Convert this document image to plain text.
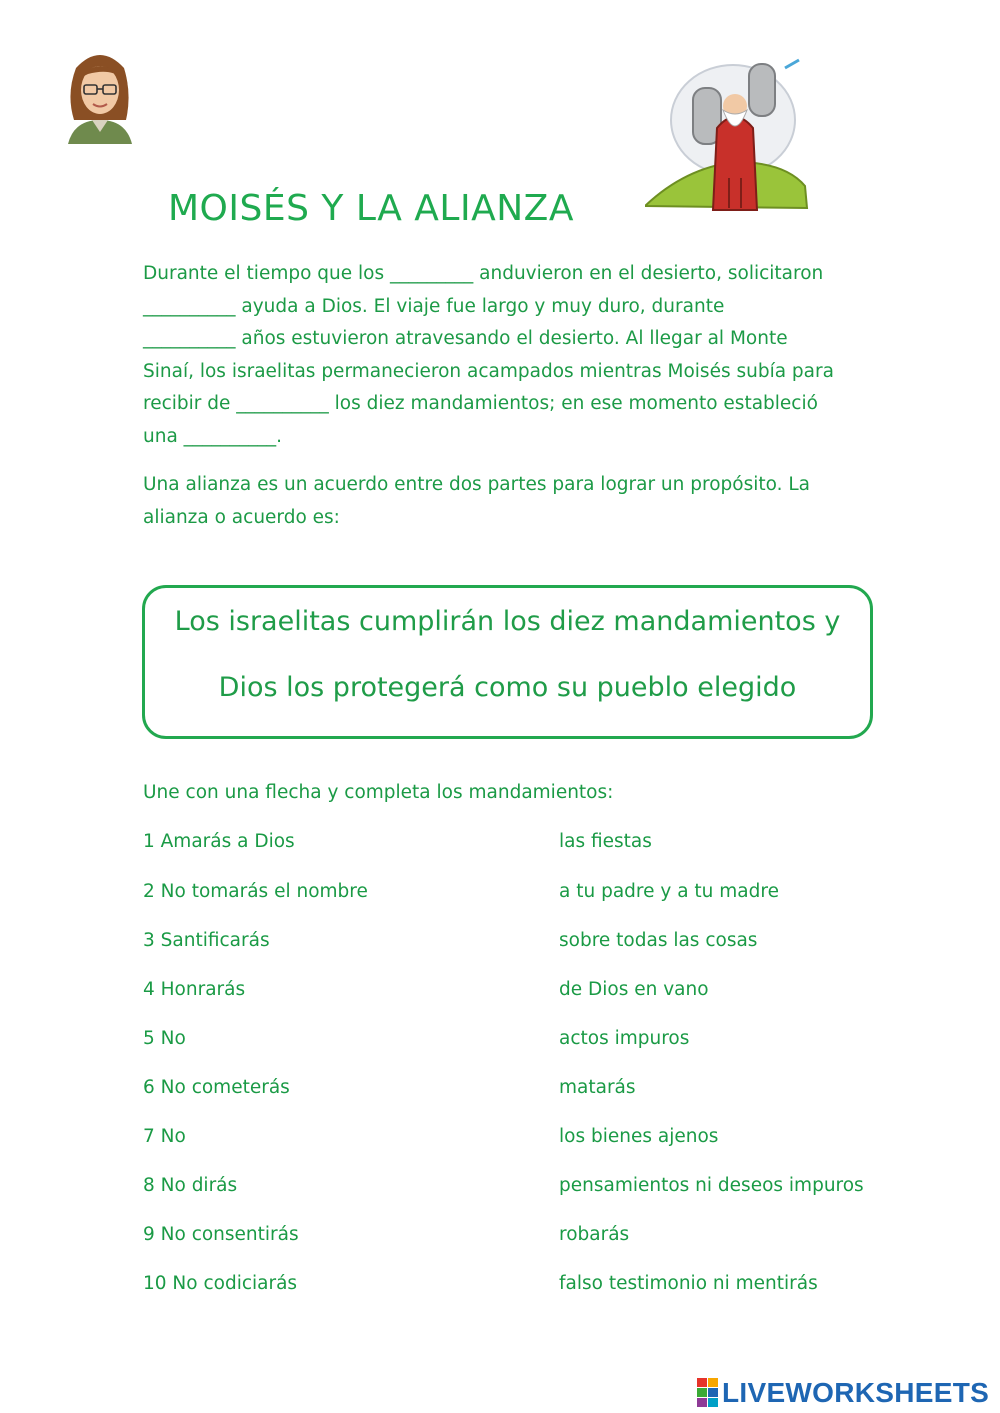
MOISÉS Y LA ALIANZA

Durante el tiempo que los _________ anduvieron en el desierto, solicitaron
__________ ayuda a Dios. El viaje fue largo y muy duro, durante
__________ años estuvieron atravesando el desierto. Al llegar al Monte
Sinaí, los israelitas permanecieron acampados mientras Moisés subía para
recibir de __________ los diez mandamientos; en ese momento estableció
una __________.

Una alianza es un acuerdo entre dos partes para lograr un propósito. La
alianza o acuerdo es:

Los israelitas cumplirán los diez mandamientos y
Dios los protegerá como su pueblo elegido
Une con una flecha y completa los mandamientos:
1 Amarás a Dios
2 No tomarás el nombre
3 Santificarás
4 Honrarás
5 No
6 No cometerás
7 No
8 No dirás
9 No consentirás
10 No codiciarás
las fiestas
a tu padre y a tu madre
sobre todas las cosas
de Dios en vano
actos impuros
matarás
los bienes ajenos
pensamientos ni deseos impuros
robarás
falso testimonio ni mentirás
LIVEWORKSHEETS
